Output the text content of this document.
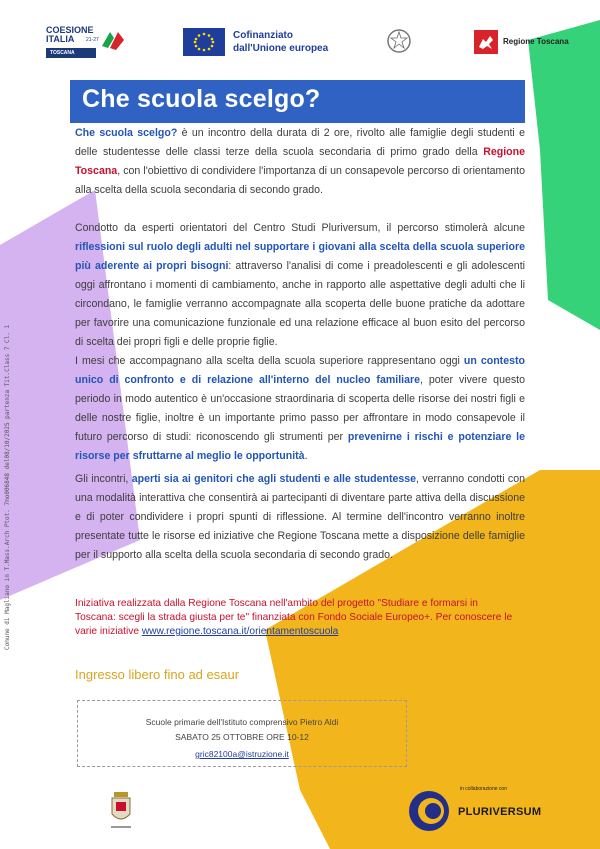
COESIONE
ITALIA 21-27
TOSCANA
Cofinanziato
dall'Unione europea
Regione Toscana
Che scuola scelgo?
Comune di Magliano in T.Mass.Arch Ptot. 7mo006848 del08/10/2025 partenza Tit.Class 7 Cl. 1

Che scuola scelgo? è un incontro della durata di 2 ore, rivolto alle famiglie degli studenti e delle studentesse delle classi terze della scuola secondaria di primo grado della Regione Toscana, con l'obiettivo di condividere l'importanza di un consapevole percorso di orientamento alla scelta della scuola secondaria di secondo grado.

Condotto da esperti orientatori del Centro Studi Pluriversum, il percorso stimolerà alcune riflessioni sul ruolo degli adulti nel supportare i giovani alla scelta della scuola superiore più aderente ai propri bisogni: attraverso l'analisi di come i preadolescenti e gli adolescenti oggi affrontano i momenti di cambiamento, anche in rapporto alle aspettative degli adulti che li circondano, le famiglie verranno accompagnate alla scoperta delle buone pratiche da adottare per favorire una comunicazione funzionale ed una relazione efficace al buon esito del percorso di scelta dei propri figli e delle proprie figlie.

I mesi che accompagnano alla scelta della scuola superiore rappresentano oggi un contesto unico di confronto e di relazione all'interno del nucleo familiare, poter vivere questo periodo in modo autentico è un'occasione straordinaria di scoperta delle risorse dei nostri figli e delle nostre figlie, inoltre è un importante primo passo per affrontare in modo consapevole il futuro percorso di studi: riconoscendo gli strumenti per prevenirne i rischi e potenziare le risorse per sfruttarne al meglio le opportunità.

Gli incontri, aperti sia ai genitori che agli studenti e alle studentesse, verranno condotti con una modalità interattiva che consentirà ai partecipanti di diventare parte attiva della discussione e di poter condividere i propri spunti di riflessione. Al termine dell'incontro verranno inoltre presentate tutte le risorse ed iniziative che Regione Toscana mette a disposizione delle famiglie per il supporto alla scelta della scuola secondaria di secondo grado.

Iniziativa realizzata dalla Regione Toscana nell'ambito del progetto "Studiare e formarsi in Toscana: scegli la strada giusta per te" finanziata con Fondo Sociale Europeo+. Per conoscere le varie iniziative www.regione.toscana.it/orientamentoscuola

Ingresso libero fino ad esaur
Scuole primarie dell'Istituto comprensivo Pietro Aldi
SABATO 25 OTTOBRE ORE 10-12
gric82100a@istruzione.it
in collaborazione con
PLURIVERSUM
